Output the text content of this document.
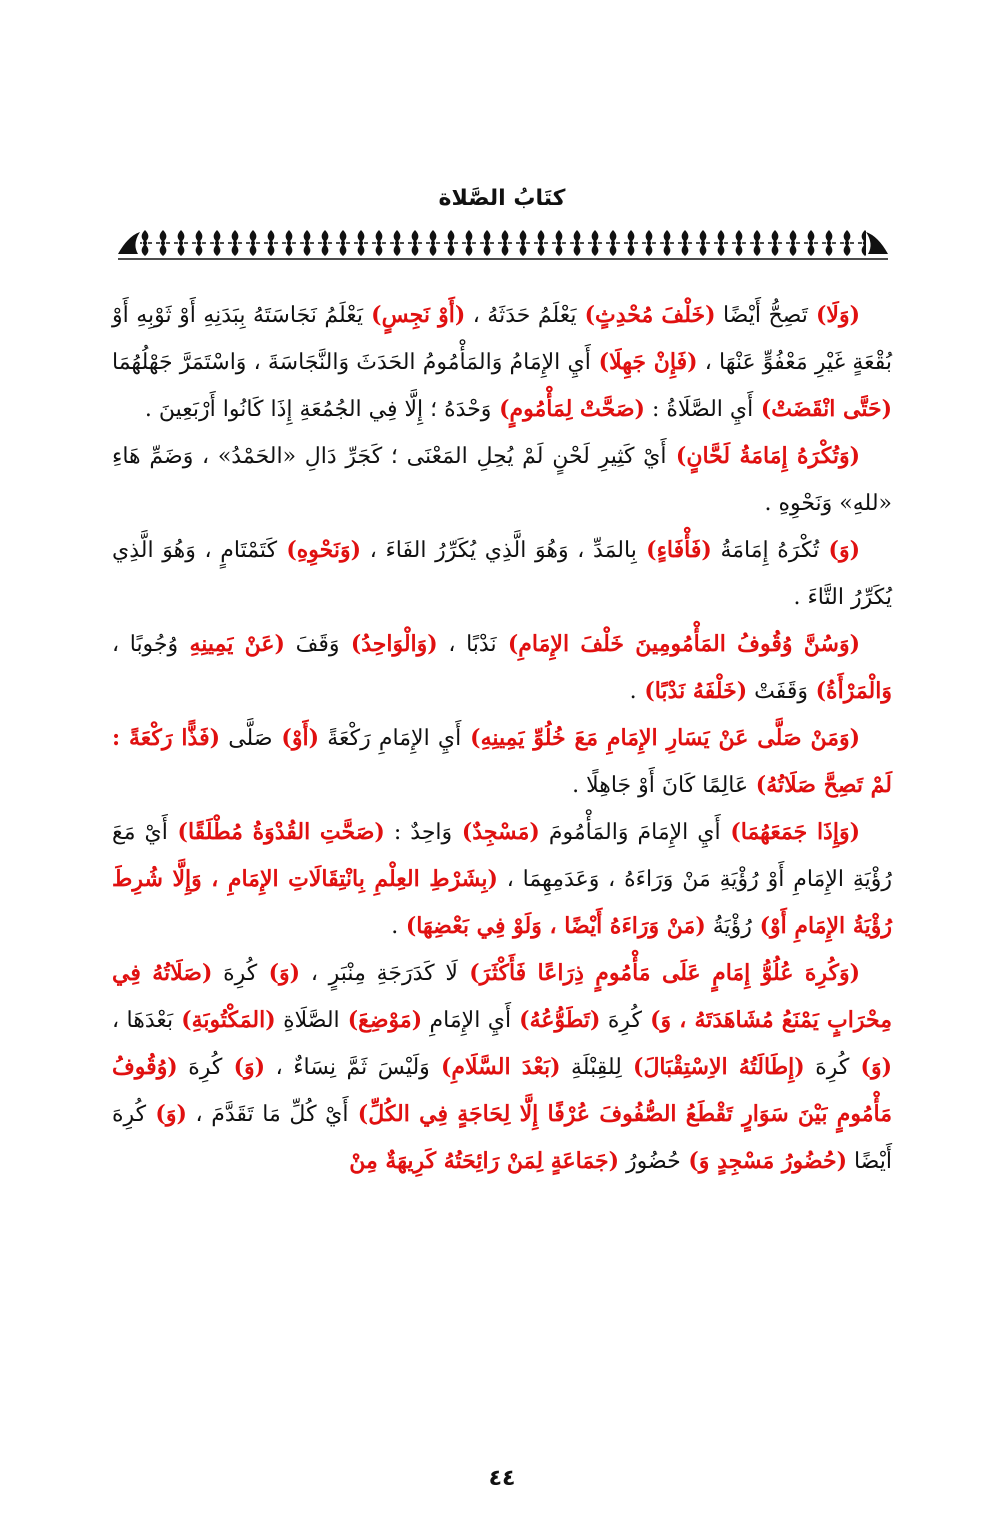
كتَابُ الصَّلاة

(وَلَا) تَصِحُّ أَيْضًا (خَلْفَ مُحْدِثٍ) يَعْلَمُ حَدَثَهُ ، (أَوْ نَجِسٍ) يَعْلَمُ نَجَاسَتَهُ بِبَدَنِهِ أَوْ ثَوْبِهِ أَوْ بُقْعَةٍ غَيْرِ مَعْفُوٍّ عَنْهَا ، (فَإِنْ جَهِلَا) أَيِ الإِمَامُ وَالمَأْمُومُ الحَدَثَ وَالنَّجَاسَةَ ، وَاسْتَمَرَّ جَهْلُهُمَا (حَتَّى انْقَضَتْ) أَيِ الصَّلَاةُ : (صَحَّتْ لِمَأْمُومٍ) وَحْدَهُ ؛ إِلَّا فِي الجُمُعَةِ إِذَا كَانُوا أَرْبَعِينَ .

(وَتُكْرَهُ إِمَامَةُ لَحَّانٍ) أَيْ كَثِيرِ لَحْنٍ لَمْ يُحِلِ المَعْنَى ؛ كَجَرِّ دَالِ «الحَمْدُ» ، وَضَمِّ هَاءِ «للهِ» وَنَحْوِهِ .

(وَ) تُكْرَهُ إِمَامَةُ (فَأْفَاءٍ) بِالمَدِّ ، وَهُوَ الَّذِي يُكَرِّرُ الفَاءَ ، (وَنَحْوِهِ) كَتَمْتَامٍ ، وَهُوَ الَّذِي يُكَرِّرُ التَّاءَ .

(وَسُنَّ وُقُوفُ المَأْمُومِينَ خَلْفَ الإِمَامِ) نَدْبًا ، (وَالْوَاحِدُ) وَقَفَ (عَنْ يَمِينِهِ وُجُوبًا ، وَالْمَرْأَةُ) وَقَفَتْ (خَلْفَهُ نَدْبًا) .

(وَمَنْ صَلَّى عَنْ يَسَارِ الإِمَامِ مَعَ خُلُوِّ يَمِينِهِ) أَيِ الإِمَامِ رَكْعَةً (أَوْ) صَلَّى (فَذًّا رَكْعَةً : لَمْ تَصِحَّ صَلَاتُهُ) عَالِمًا كَانَ أَوْ جَاهِلًا .

(وَإِذَا جَمَعَهُمَا) أَيِ الإِمَامَ وَالمَأْمُومَ (مَسْجِدٌ) وَاحِدٌ : (صَحَّتِ القُدْوَةُ مُطْلَقًا) أَيْ مَعَ رُؤْيَةِ الإِمَامِ أَوْ رُؤْيَةِ مَنْ وَرَاءَهُ ، وَعَدَمِهِمَا ، (بِشَرْطِ العِلْمِ بِانْتِقَالَاتِ الإِمَامِ ، وَإِلَّا شُرِطَ رُؤْيَةُ الإِمَامِ أَوْ) رُؤْيَةُ (مَنْ وَرَاءَهُ أَيْضًا ، وَلَوْ فِي بَعْضِهَا) .

(وَكُرِهَ عُلُوُّ إِمَامٍ عَلَى مَأْمُومٍ ذِرَاعًا فَأَكْثَرَ) لَا كَدَرَجَةِ مِنْبَرٍ ، (وَ) كُرِهَ (صَلَاتُهُ فِي مِحْرَابٍ يَمْنَعُ مُشَاهَدَتَهُ ، وَ) كُرِهَ (تَطَوُّعُهُ) أَيِ الإِمَامِ (مَوْضِعَ) الصَّلَاةِ (المَكْتُوبَةِ) بَعْدَهَا ، (وَ) كُرِهَ (إِطَالَتُهُ الاِسْتِقْبَالَ) لِلقِبْلَةِ (بَعْدَ السَّلَامِ) وَلَيْسَ ثَمَّ نِسَاءٌ ، (وَ) كُرِهَ (وُقُوفُ مَأْمُومٍ بَيْنَ سَوَارٍ تَقْطَعُ الصُّفُوفَ عُرْفًا إِلَّا لِحَاجَةٍ فِي الكُلِّ) أَيْ كُلِّ مَا تَقَدَّمَ ، (وَ) كُرِهَ أَيْضًا (حُضُورُ مَسْجِدٍ وَ) حُضُورُ (جَمَاعَةٍ لِمَنْ رَائِحَتُهُ كَرِيهَةٌ مِنْ

٤٤
